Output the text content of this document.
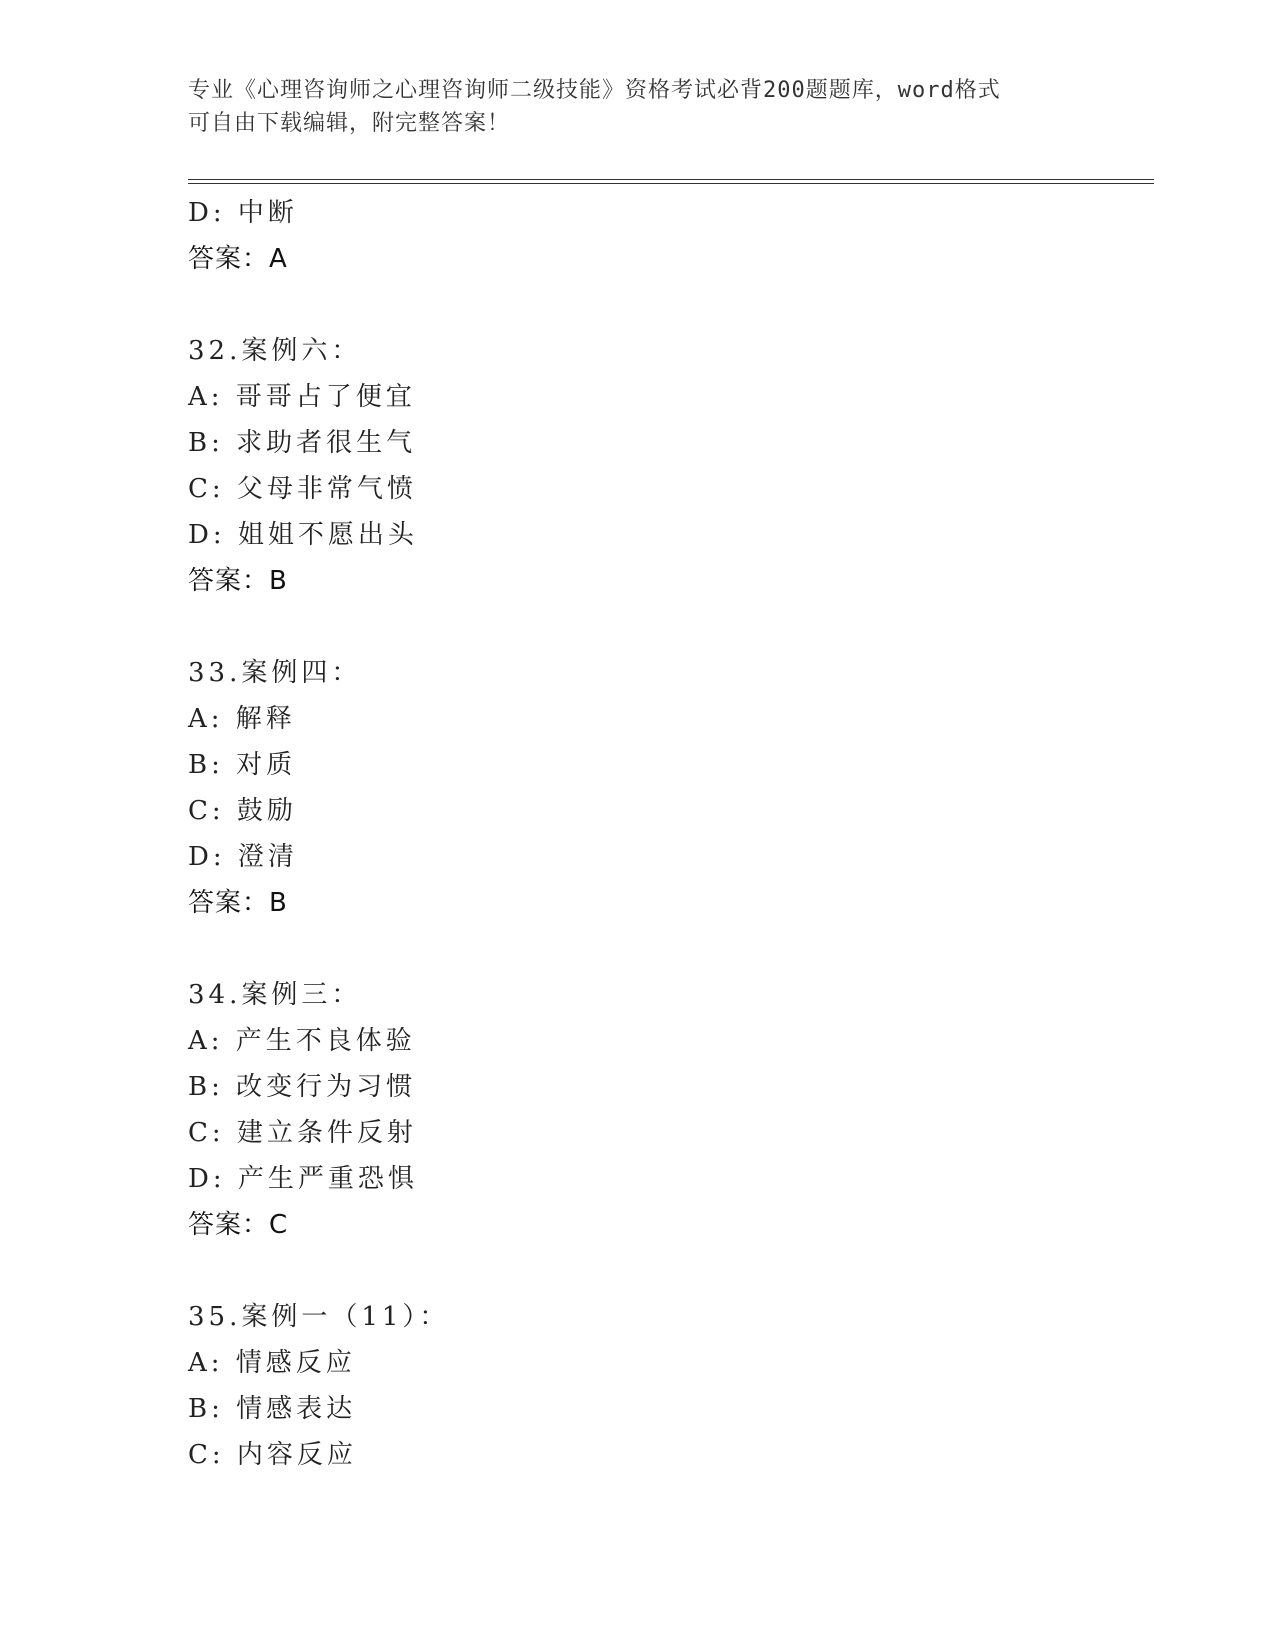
专业《心理咨询师之心理咨询师二级技能》资格考试必背200题题库，word格式
可自由下载编辑，附完整答案！
D: 中断
答案：A
32.案例六：
A: 哥哥占了便宜
B: 求助者很生气
C: 父母非常气愤
D: 姐姐不愿出头
答案：B
33.案例四：
A: 解释
B: 对质
C: 鼓励
D: 澄清
答案：B
34.案例三：
A: 产生不良体验
B: 改变行为习惯
C: 建立条件反射
D: 产生严重恐惧
答案：C
35.案例一（11）：
A: 情感反应
B: 情感表达
C: 内容反应
